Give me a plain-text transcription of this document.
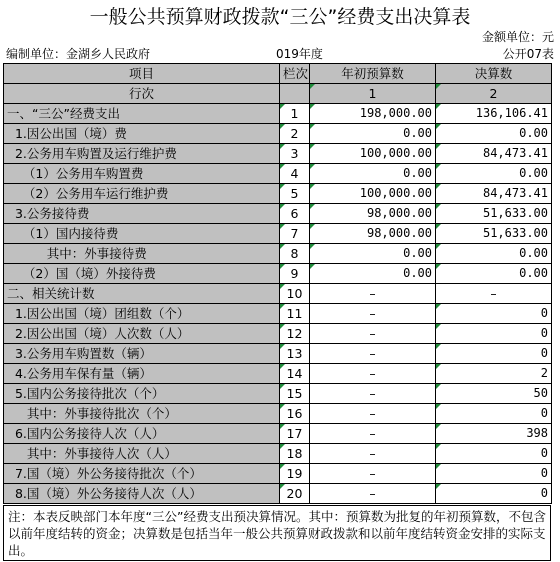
一般公共预算财政拨款“三公”经费支出决算表
金额单位：元
编制单位：金湖乡人民政府	019年度	公开07表
项目	栏次	年初预算数	决算数
行次		1	2
一、“三公”经费支出	1	198,000.00	136,106.41
1.因公出国（境）费	2	0.00	0.00
2.公务用车购置及运行维护费	3	100,000.00	84,473.41
（1）公务用车购置费	4	0.00	0.00
（2）公务用车运行维护费	5	100,000.00	84,473.41
3.公务接待费	6	98,000.00	51,633.00
（1）国内接待费	7	98,000.00	51,633.00
其中：外事接待费	8	0.00	0.00
（2）国（境）外接待费	9	0.00	0.00
二、相关统计数	10	–	–
1.因公出国（境）团组数（个）	11	–	0
2.因公出国（境）人次数（人）	12	–	0
3.公务用车购置数（辆）	13	–	0
4.公务用车保有量（辆）	14	–	2
5.国内公务接待批次（个）	15	–	50
其中：外事接待批次（个）	16	–	0
6.国内公务接待人次（人）	17	–	398
其中：外事接待人次（人）	18	–	0
7.国（境）外公务接待批次（个）	19	–	0
8.国（境）外公务接待人次（人）	20	–	0
注：本表反映部门本年度“三公”经费支出预决算情况。其中：预算数为批复的年初预算数，不包含以前年度结转的资金；决算数是包括当年一般公共预算财政拨款和以前年度结转资金安排的实际支出。
